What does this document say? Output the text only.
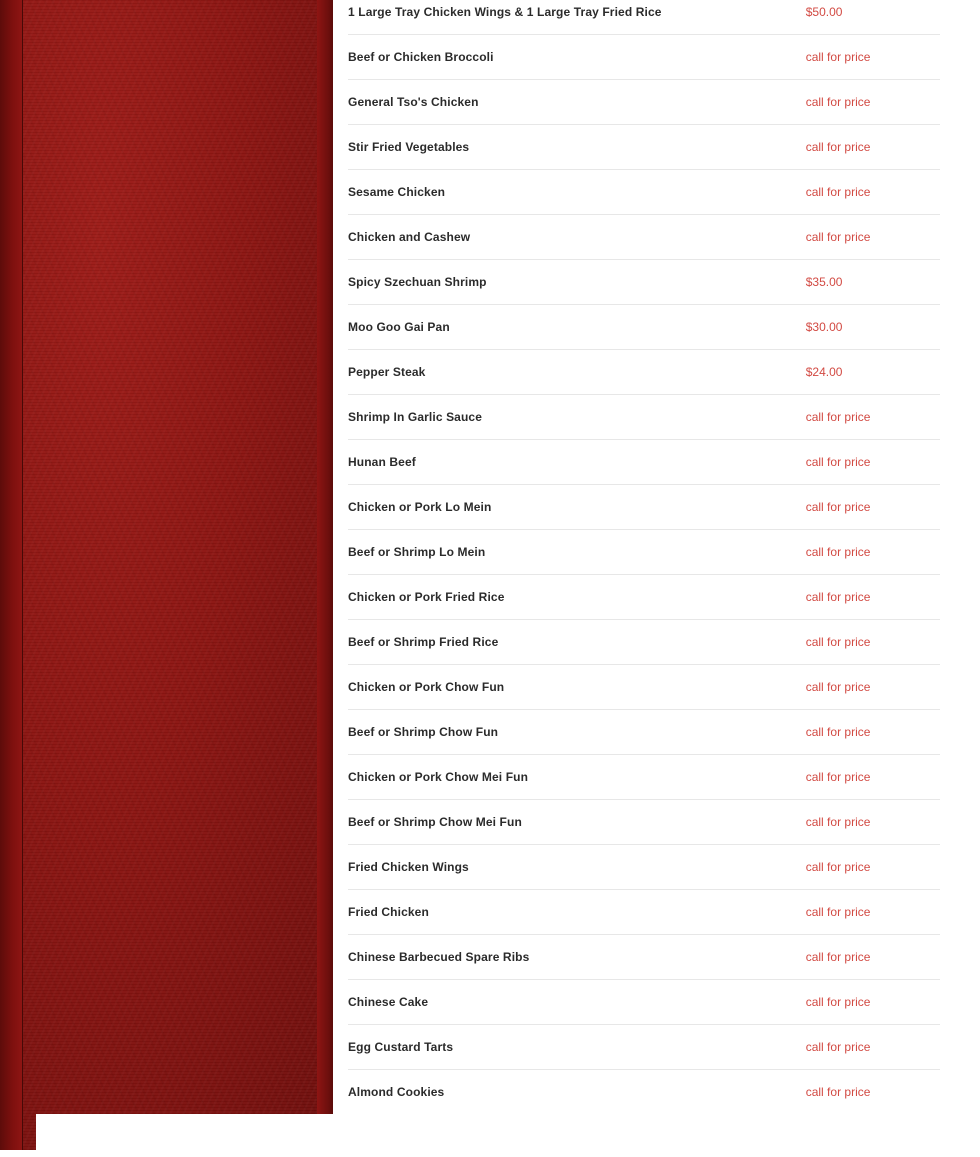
1 Large Tray Chicken Wings & 1 Large Tray Fried Rice	$50.00
Beef or Chicken Broccoli	call for price
General Tso's Chicken	call for price
Stir Fried Vegetables	call for price
Sesame Chicken	call for price
Chicken and Cashew	call for price
Spicy Szechuan Shrimp	$35.00
Moo Goo Gai Pan	$30.00
Pepper Steak	$24.00
Shrimp In Garlic Sauce	call for price
Hunan Beef	call for price
Chicken or Pork Lo Mein	call for price
Beef or Shrimp Lo Mein	call for price
Chicken or Pork Fried Rice	call for price
Beef or Shrimp Fried Rice	call for price
Chicken or Pork Chow Fun	call for price
Beef or Shrimp Chow Fun	call for price
Chicken or Pork Chow Mei Fun	call for price
Beef or Shrimp Chow Mei Fun	call for price
Fried Chicken Wings	call for price
Fried Chicken	call for price
Chinese Barbecued Spare Ribs	call for price
Chinese Cake	call for price
Egg Custard Tarts	call for price
Almond Cookies	call for price
